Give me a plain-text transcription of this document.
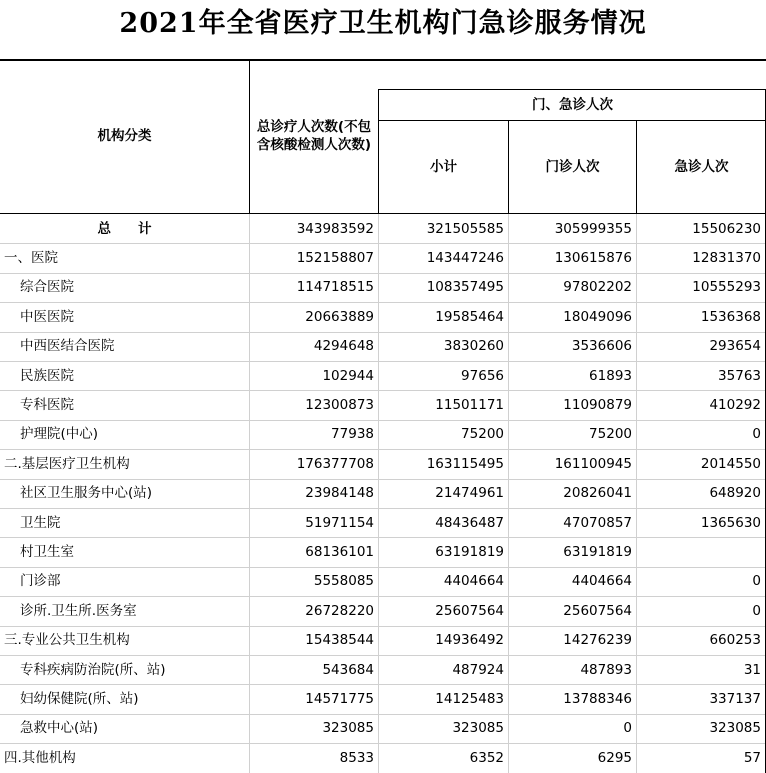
2021年全省医疗卫生机构门急诊服务情况
机构分类
总诊疗人次数(不包含核酸检测人次数)
门、急诊人次
小计	门诊人次	急诊人次
总　　计	343983592	321505585	305999355	15506230
一、医院	152158807	143447246	130615876	12831370
综合医院	114718515	108357495	97802202	10555293
中医医院	20663889	19585464	18049096	1536368
中西医结合医院	4294648	3830260	3536606	293654
民族医院	102944	97656	61893	35763
专科医院	12300873	11501171	11090879	410292
护理院(中心)	77938	75200	75200	0
二.基层医疗卫生机构	176377708	163115495	161100945	2014550
社区卫生服务中心(站)	23984148	21474961	20826041	648920
卫生院	51971154	48436487	47070857	1365630
村卫生室	68136101	63191819	63191819
门诊部	5558085	4404664	4404664	0
诊所.卫生所.医务室	26728220	25607564	25607564	0
三.专业公共卫生机构	15438544	14936492	14276239	660253
专科疾病防治院(所、站)	543684	487924	487893	31
妇幼保健院(所、站)	14571775	14125483	13788346	337137
急救中心(站)	323085	323085	0	323085
四.其他机构	8533	6352	6295	57
